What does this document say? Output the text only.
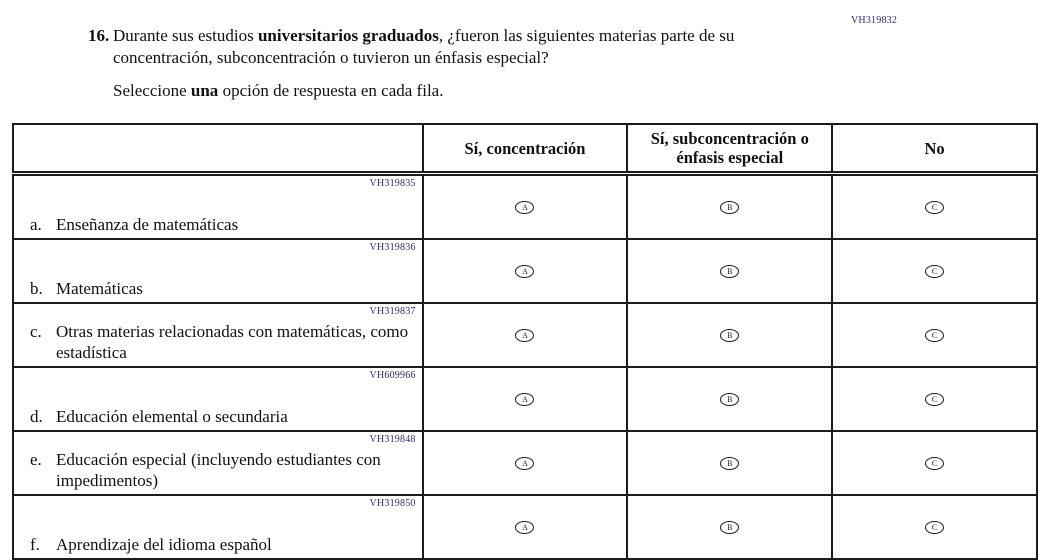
VH319832
16. Durante sus estudios universitarios graduados, ¿fueron las siguientes materias parte de su concentración, subconcentración o tuvieron un énfasis especial?
Seleccione una opción de respuesta en cada fila.
	Sí, concentración	Sí, subconcentración o énfasis especial	No

VH319835
a. Enseñanza de matemáticas	A	B	C

VH319836
b. Matemáticas	A	B	C

VH319837
c. Otras materias relacionadas con matemáticas, como estadística	A	B	C

VH609966
d. Educación elemental o secundaria	A	B	C

VH319848
e. Educación especial (incluyendo estudiantes con impedimentos)	A	B	C

VH319850
f. Aprendizaje del idioma español	A	B	C
